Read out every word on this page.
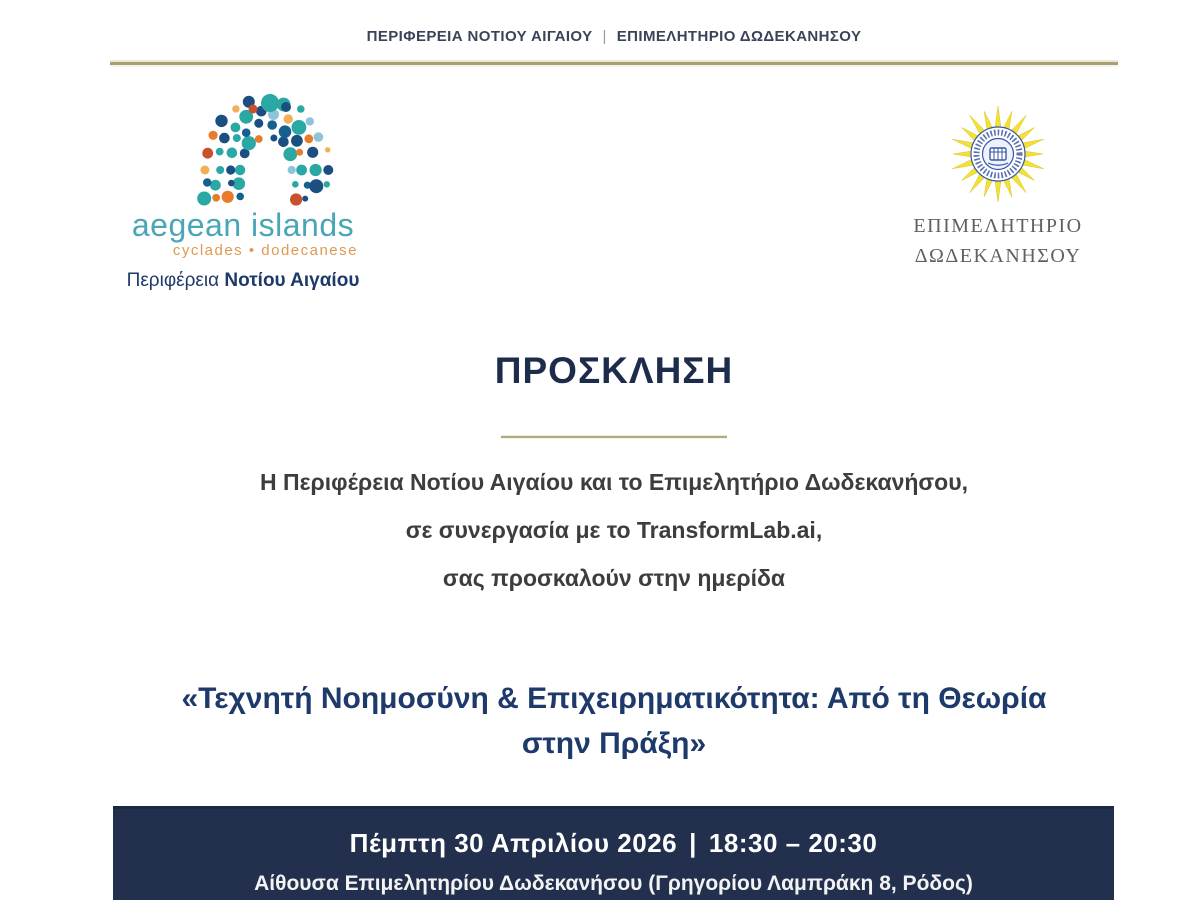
ΠΕΡΙΦΕΡΕΙΑ ΝΟΤΙΟΥ ΑΙΓΑΙΟΥ | ΕΠΙΜΕΛΗΤΗΡΙΟ ΔΩΔΕΚΑΝΗΣΟΥ
aegean islands
cyclades • dodecanese
Περιφέρεια Νοτίου Αιγαίου
ΕΠΙΜΕΛΗΤΗΡΙΟ
ΔΩΔΕΚΑΝΗΣΟΥ
ΠΡΟΣΚΛΗΣΗ

Η Περιφέρεια Νοτίου Αιγαίου και το Επιμελητήριο Δωδεκανήσου,
σε συνεργασία με το TransformLab.ai,
σας προσκαλούν στην ημερίδα

«Τεχνητή Νοημοσύνη & Επιχειρηματικότητα: Από τη Θεωρία
στην Πράξη»
Πέμπτη 30 Απριλίου 2026 | 18:30 – 20:30
Αίθουσα Επιμελητηρίου Δωδεκανήσου (Γρηγορίου Λαμπράκη 8, Ρόδος)
